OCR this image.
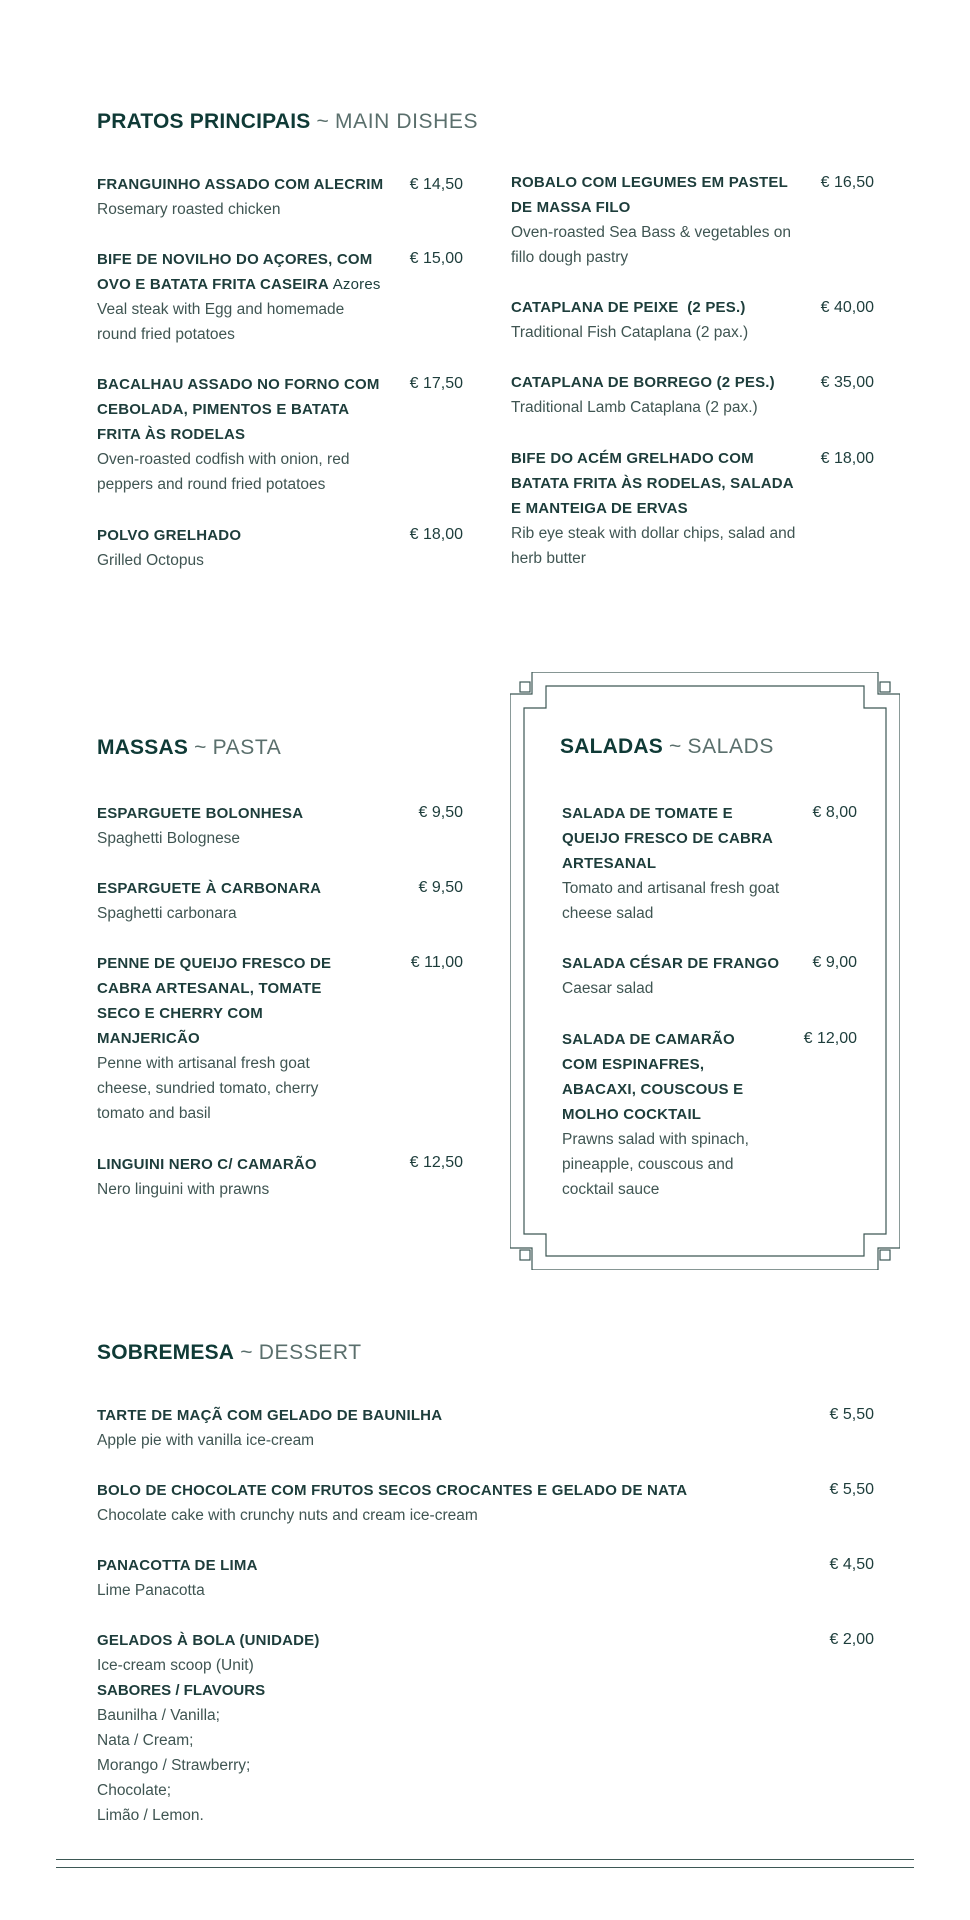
PRATOS PRINCIPAIS ~ MAIN DISHES
FRANGUINHO ASSADO COM ALECRIM
Rosemary roasted chicken
€ 14,50
BIFE DE NOVILHO DO AÇORES, COM OVO E BATATA FRITA CASEIRA Azores
Veal steak with Egg and homemade round fried potatoes
€ 15,00
BACALHAU ASSADO NO FORNO COM CEBOLADA, PIMENTOS E BATATA FRITA ÀS RODELAS
Oven-roasted codfish with onion, red peppers and round fried potatoes
€ 17,50
POLVO GRELHADO
Grilled Octopus
€ 18,00
ROBALO COM LEGUMES EM PASTEL DE MASSA FILO
Oven-roasted Sea Bass & vegetables on fillo dough pastry
€ 16,50
CATAPLANA DE PEIXE  (2 PES.)
Traditional Fish Cataplana (2 pax.)
€ 40,00
CATAPLANA DE BORREGO (2 PES.)
Traditional Lamb Cataplana (2 pax.)
€ 35,00
BIFE DO ACÉM GRELHADO COM BATATA FRITA ÀS RODELAS, SALADA E MANTEIGA DE ERVAS
Rib eye steak with dollar chips, salad and herb butter
€ 18,00
MASSAS ~ PASTA
ESPARGUETE BOLONHESA
Spaghetti Bolognese
€ 9,50
ESPARGUETE À CARBONARA
Spaghetti carbonara
€ 9,50
PENNE DE QUEIJO FRESCO DE CABRA ARTESANAL, TOMATE SECO E CHERRY COM MANJERICÃO
Penne with artisanal fresh goat cheese, sundried tomato, cherry tomato and basil
€ 11,00
LINGUINI NERO C/ CAMARÃO
Nero linguini with prawns
€ 12,50
SALADAS ~ SALADS
SALADA DE TOMATE E QUEIJO FRESCO DE CABRA ARTESANAL
Tomato and artisanal fresh goat cheese salad
€ 8,00
SALADA CÉSAR DE FRANGO
Caesar salad
€ 9,00
SALADA DE CAMARÃO COM ESPINAFRES, ABACAXI, COUSCOUS E MOLHO COCKTAIL
Prawns salad with spinach, pineapple, couscous and cocktail sauce
€ 12,00
SOBREMESA ~ DESSERT
TARTE DE MAÇÃ COM GELADO DE BAUNILHA
Apple pie with vanilla ice-cream
€ 5,50
BOLO DE CHOCOLATE COM FRUTOS SECOS CROCANTES E GELADO DE NATA
Chocolate cake with crunchy nuts and cream ice-cream
€ 5,50
PANACOTTA DE LIMA
Lime Panacotta
€ 4,50
GELADOS À BOLA (UNIDADE)
Ice-cream scoop (Unit)
SABORES / FLAVOURS
Baunilha / Vanilla;
Nata / Cream;
Morango / Strawberry;
Chocolate;
Limão / Lemon.
€ 2,00
